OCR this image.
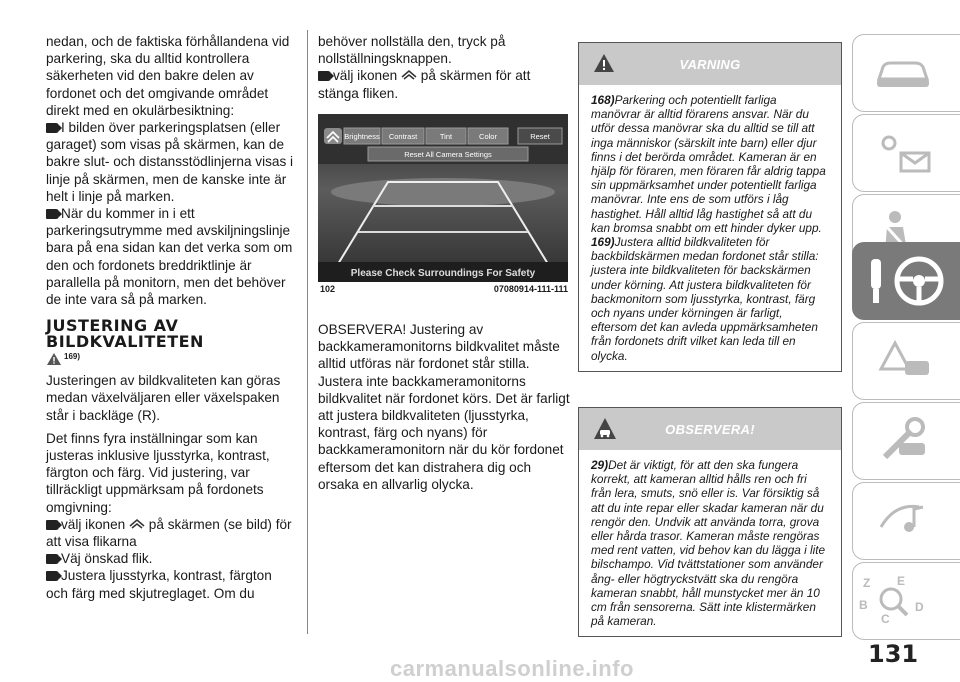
nedan, och de faktiska förhållandena vid parkering, ska du alltid kontrollera säkerheten vid den bakre delen av fordonet och det omgivande området direkt med en okulärbesiktning:

I bilden över parkeringsplatsen (eller garaget) som visas på skärmen, kan de bakre slut- och distansstödlinjerna visas i linje på skärmen, men de kanske inte är helt i linje på marken.

När du kommer in i ett parkeringsutrymme med avskiljningslinje bara på ena sidan kan det verka som om den och fordonets breddriktlinje är parallella på monitorn, men det behöver de inte vara så på marken.

JUSTERING AV
BILDKVALITETEN
$^{169)}$

Justeringen av bildkvaliteten kan göras medan växelväljaren eller växelspaken står i backläge (R).

Det finns fyra inställningar som kan justeras inklusive ljusstyrka, kontrast, färgton och färg. Vid justering, var tillräckligt uppmärksam på fordonets omgivning:

välj ikonen på skärmen (se bild) för att visa flikarna

Väj önskad flik.

Justera ljusstyrka, kontrast, färgton och färg med skjutreglaget. Om du

behöver nollställa den, tryck på nollställningsknappen.

välj ikonen på skärmen för att stänga fliken.

Brightness Contrast	Tint	Color	Reset
Reset All Camera Settings
Please Check Surroundings For Safety
102	07080914-111-111

OBSERVERA! Justering av backkameramonitorns bildkvalitet måste alltid utföras när fordonet står stilla. Justera inte backkameramonitorns bildkvalitet när fordonet körs. Det är farligt att justera bildkvaliteten (ljusstyrka, kontrast, färg och nyans) för backkameramonitorn när du kör fordonet eftersom det kan distrahera dig och orsaka en allvarlig olycka.

VARNING
168)Parkering och potentiellt farliga manövrar är alltid förarens ansvar. När du utför dessa manövrar ska du alltid se till att inga människor (särskilt inte barn) eller djur finns i det berörda området. Kameran är en hjälp för föraren, men föraren får aldrig tappa sin uppmärksamhet under potentiellt farliga manövrar. Inte ens de som utförs i låg hastighet. Håll alltid låg hastighet så att du kan bromsa snabbt om ett hinder dyker upp.
169)Justera alltid bildkvaliteten för backbildskärmen medan fordonet står stilla: justera inte bildkvaliteten för backskärmen under körning. Att justera bildkvaliteten för backmonitorn som ljusstyrka, kontrast, färg och nyans under körningen är farligt, eftersom det kan avleda uppmärksamheten från fordonets drift vilket kan leda till en olycka.
OBSERVERA!
29)Det är viktigt, för att den ska fungera korrekt, att kameran alltid hålls ren och fri från lera, smuts, snö eller is. Var försiktig så att du inte repar eller skadar kameran när du rengör den. Undvik att använda torra, grova eller hårda trasor. Kameran måste rengöras med rent vatten, vid behov kan du lägga i lite bilschampo. Vid tvättstationer som använder ång- eller högtryckstvätt ska du rengöra kameran snabbt, håll munstycket mer än 10 cm från sensorerna. Sätt inte klistermärken på kameran.
Z E
B	D
C
131
carmanualsonline.info
